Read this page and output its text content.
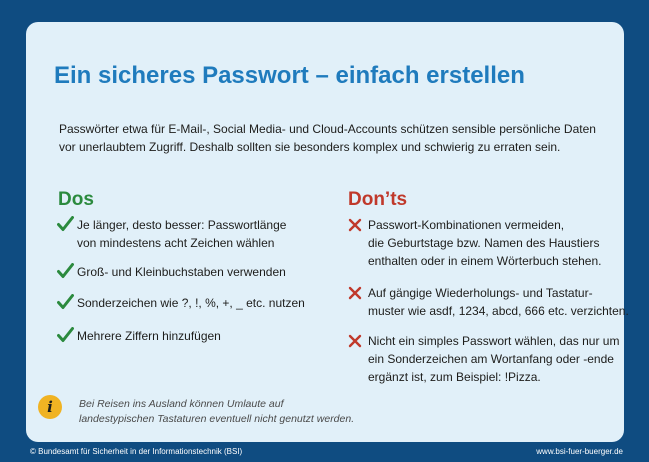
Ein sicheres Passwort – einfach erstellen

Passwörter etwa für E-Mail-, Social Media- und Cloud-Accounts schützen sensible persönliche Daten
vor unerlaubtem Zugriff. Deshalb sollten sie besonders komplex und schwierig zu erraten sein.

Dos	Don’ts
Je länger, desto besser: Passwortlänge
von mindestens acht Zeichen wählen
Groß- und Kleinbuchstaben verwenden
Sonderzeichen wie ?, !, %, +, _ etc. nutzen
Mehrere Ziffern hinzufügen
Passwort-Kombinationen vermeiden,
die Geburtstage bzw. Namen des Haustiers
enthalten oder in einem Wörterbuch stehen.
Auf gängige Wiederholungs- und Tastatur-
muster wie asdf, 1234, abcd, 666 etc. verzichten.
Nicht ein simples Passwort wählen, das nur um
ein Sonderzeichen am Wortanfang oder -ende
ergänzt ist, zum Beispiel: !Pizza.
i	Bei Reisen ins Ausland können Umlaute auf
landestypischen Tastaturen eventuell nicht genutzt werden.

© Bundesamt für Sicherheit in der Informationstechnik (BSI)	www.bsi-fuer-buerger.de
